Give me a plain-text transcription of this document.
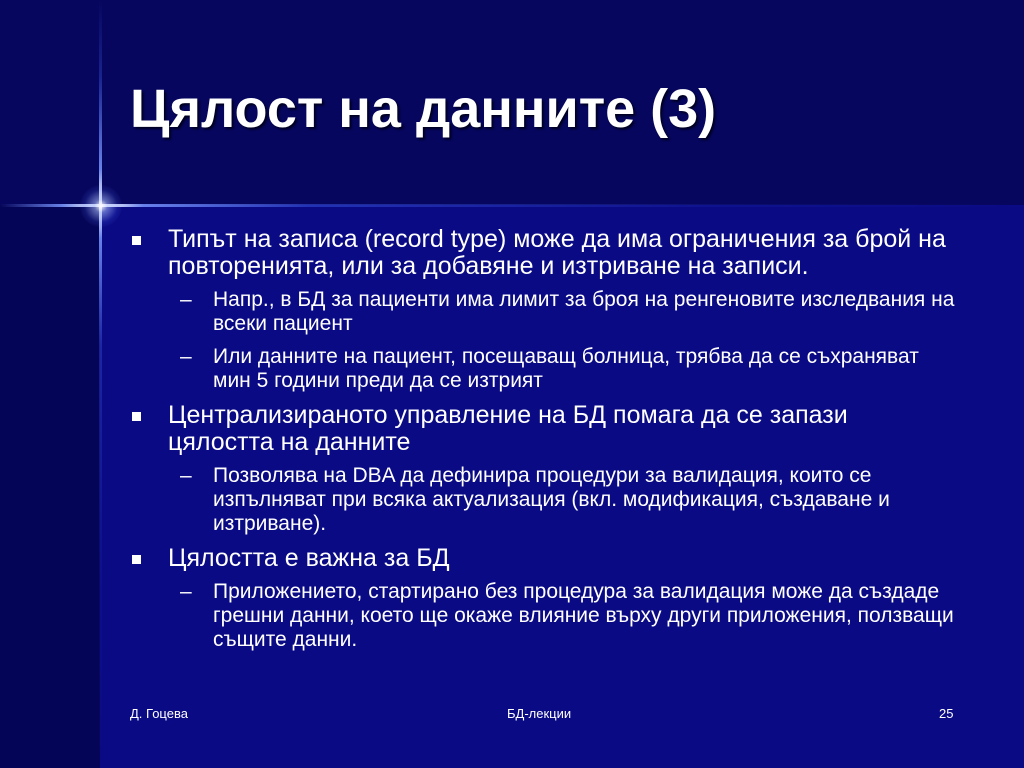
Цялост на данните (3)
Типът на записа (record type) може да има ограничения за брой на повторенията, или за добавяне и изтриване на записи.
– Напр., в БД за пациенти има лимит за броя на ренгеновите изследвания на всеки пациент
– Или данните на пациент, посещаващ болница, трябва да се съхраняват мин 5 години преди да се изтрият
Централизираното управление на БД помага да се запази цялостта на данните
– Позволява на DBA да дефинира процедури за валидация, които се изпълняват при всяка актуализация (вкл. модификация, създаване и изтриване).
Цялостта е важна за БД
– Приложението, стартирано без процедура за валидация може да създаде грешни данни, което ще окаже влияние върху други приложения, ползващи същите данни.
Д. Гоцева	БД-лекции	25
